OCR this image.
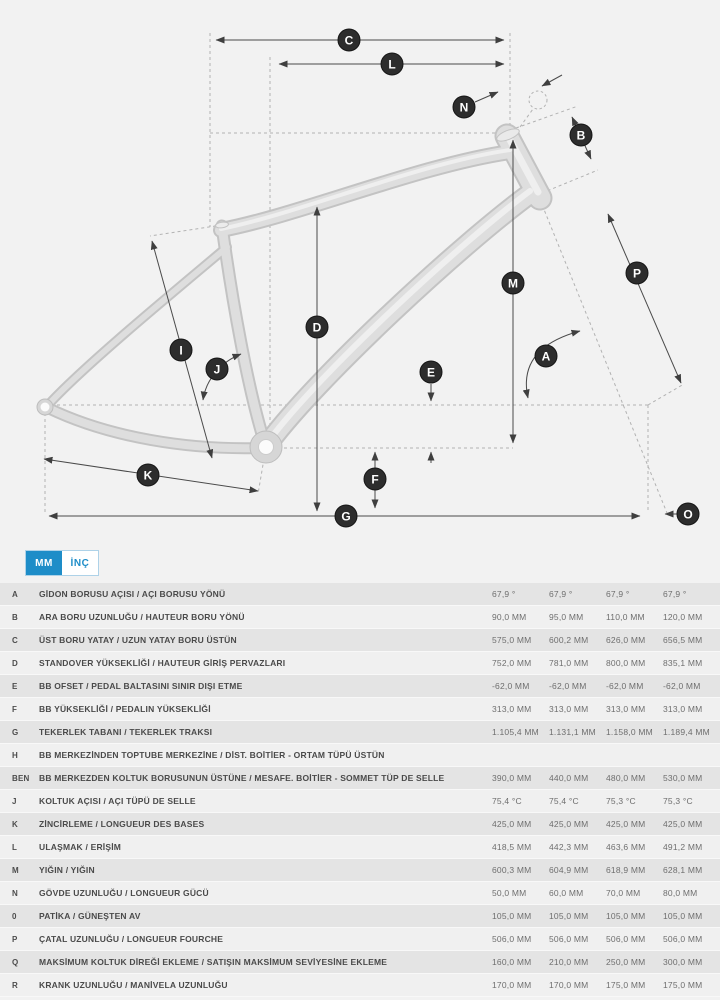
C
L
N
B
M
P
D
I	A
J	E
K	F
G	O
MM	İNÇ
A	GİDON BORUSU AÇISI / AÇI BORUSU YÖNÜ	67,9 °	67,9 °	67,9 °	67,9 °
B	ARA BORU UZUNLUĞU / HAUTEUR BORU YÖNÜ	90,0 MM	95,0 MM	110,0 MM	120,0 MM
C	ÜST BORU YATAY / UZUN YATAY BORU ÜSTÜN	575,0 MM	600,2 MM	626,0 MM	656,5 MM
D	STANDOVER YÜKSEKLİĞİ / HAUTEUR GİRİŞ PERVAZLARI	752,0 MM	781,0 MM	800,0 MM	835,1 MM
E	BB OFSET / PEDAL BALTASINI SINIR DIŞI ETME	-62,0 MM	-62,0 MM	-62,0 MM	-62,0 MM
F	BB YÜKSEKLİĞİ / PEDALIN YÜKSEKLİĞİ	313,0 MM	313,0 MM	313,0 MM	313,0 MM
G	TEKERLEK TABANI / TEKERLEK TRAKSI	1.105,4 MM	1.131,1 MM	1.158,0 MM	1.189,4 MM
H	BB MERKEZİNDEN TOPTUBE MERKEZİNE / DİST. BOİTİER - ORTAM TÜPÜ ÜSTÜN
BEN	BB MERKEZDEN KOLTUK BORUSUNUN ÜSTÜNE / MESAFE. BOİTİER - SOMMET TÜP DE SELLE	390,0 MM	440,0 MM	480,0 MM	530,0 MM
J	KOLTUK AÇISI / AÇI TÜPÜ DE SELLE	75,4 °C	75,4 °C	75,3 °C	75,3 °C
K	ZİNCİRLEME / LONGUEUR DES BASES	425,0 MM	425,0 MM	425,0 MM	425,0 MM
L	ULAŞMAK / ERİŞİM	418,5 MM	442,3 MM	463,6 MM	491,2 MM
M	YIĞIN / YIĞIN	600,3 MM	604,9 MM	618,9 MM	628,1 MM
N	GÖVDE UZUNLUĞU / LONGUEUR GÜCÜ	50,0 MM	60,0 MM	70,0 MM	80,0 MM
0	PATİKA / GÜNEŞTEN AV	105,0 MM	105,0 MM	105,0 MM	105,0 MM
P	ÇATAL UZUNLUĞU / LONGUEUR FOURCHE	506,0 MM	506,0 MM	506,0 MM	506,0 MM
Q	MAKSİMUM KOLTUK DİREĞİ EKLEME / SATIŞIN MAKSİMUM SEVİYESİNE EKLEME	160,0 MM	210,0 MM	250,0 MM	300,0 MM
R	KRANK UZUNLUĞU / MANİVELA UZUNLUĞU	170,0 MM	170,0 MM	175,0 MM	175,0 MM
